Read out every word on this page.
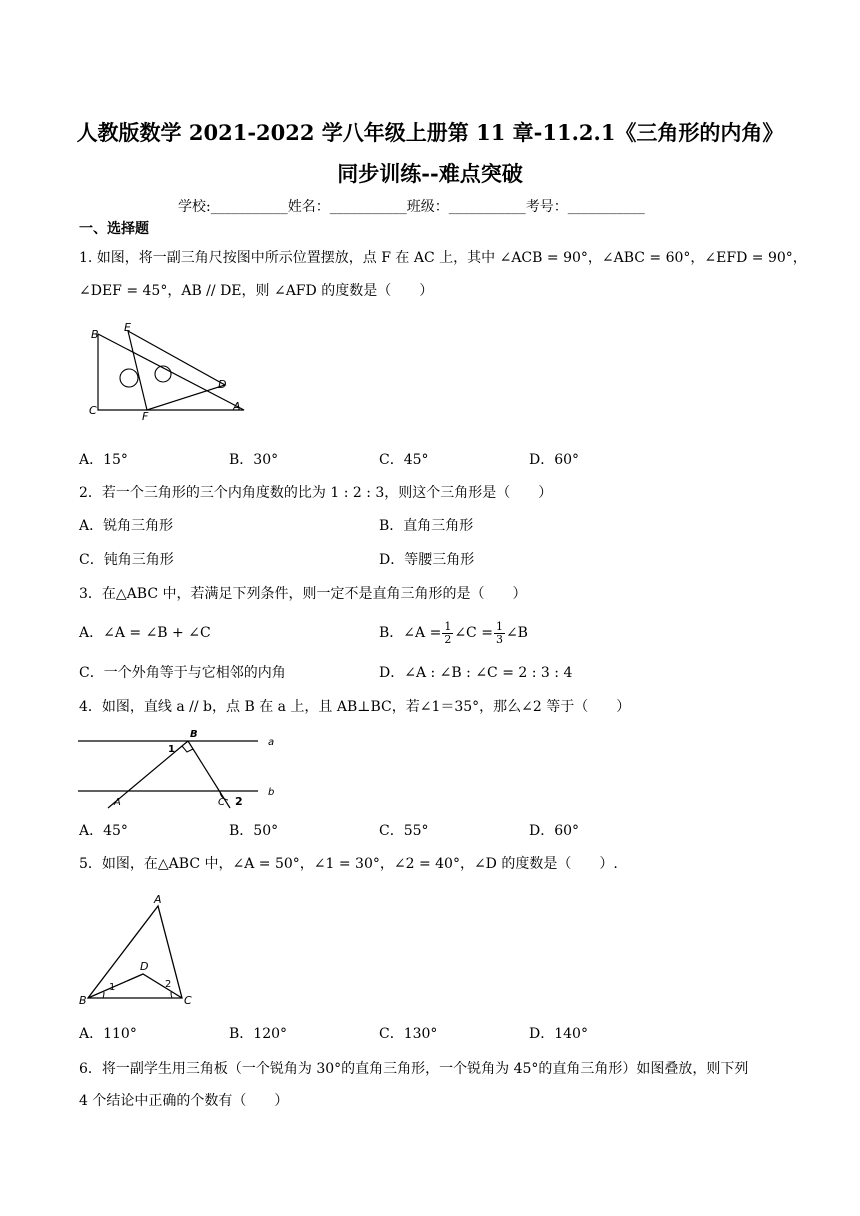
人教版数学 2021-2022 学八年级上册第 11 章-11.2.1《三角形的内角》
同步训练--难点突破
学校:___________姓名：___________班级：___________考号：___________
一、选择题
1. 如图，将一副三角尺按图中所示位置摆放，点 F 在 AC 上，其中 ∠ACB = 90°，∠ABC = 60°，∠EFD = 90°，
∠DEF = 45°，AB // DE，则 ∠AFD 的度数是（　　）
B
E
D
C	F
A
A．15°	B．30°	C．45°	D．60°
2．若一个三角形的三个内角度数的比为 1 : 2 : 3，则这个三角形是（　　）
A．锐角三角形	B．直角三角形
C．钝角三角形	D．等腰三角形
3．在△ABC 中，若满足下列条件，则一定不是直角三角形的是（　　）
A．∠A = ∠B + ∠C	B．∠A = $\frac{1}{2}$ ∠C = $\frac{1}{3}$ ∠B
C．一个外角等于与它相邻的内角	D．∠A : ∠B : ∠C = 2 : 3 : 4
4．如图，直线 a // b，点 B 在 a 上，且 AB⊥BC，若∠1＝35°，那么∠2 等于（　　）
B
1
a
b
A	C 2
A．45°	B．50°	C．55°	D．60°
5．如图，在△ABC 中，∠A = 50°，∠1 = 30°，∠2 = 40°，∠D 的度数是（　　）.
A
D
B	C
1	2
A．110°	B．120°	C．130°	D．140°
6．将一副学生用三角板（一个锐角为 30°的直角三角形，一个锐角为 45°的直角三角形）如图叠放，则下列
4 个结论中正确的个数有（　　）
